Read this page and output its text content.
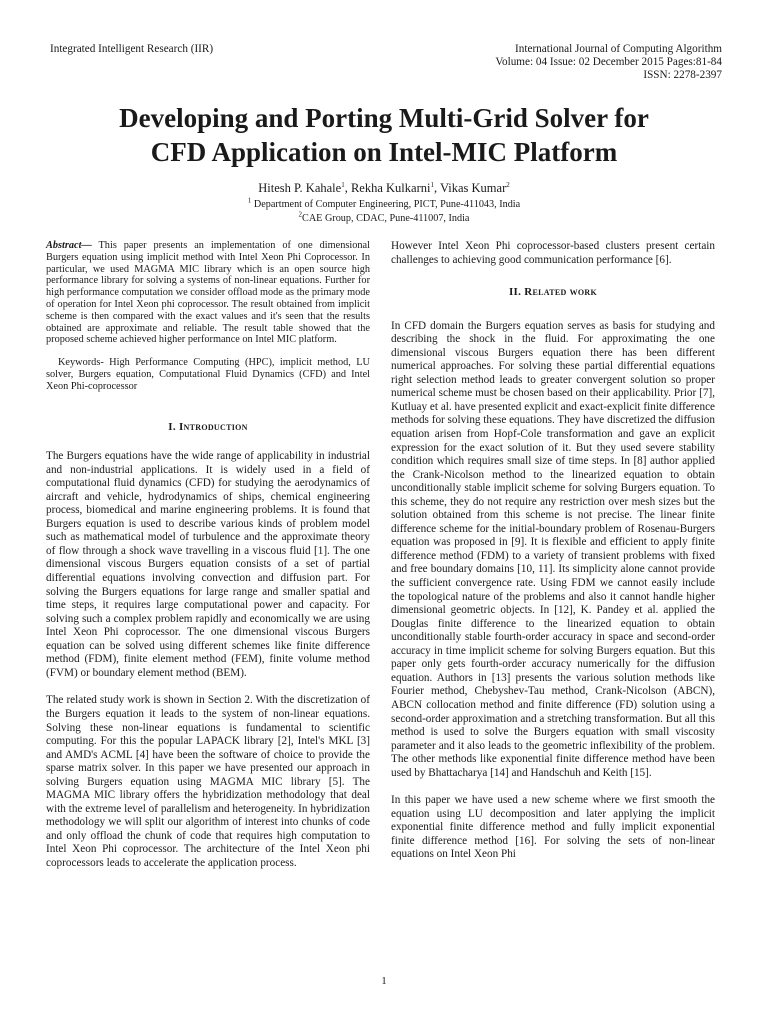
Integrated Intelligent Research (IIR)	International Journal of Computing Algorithm
Volume: 04 Issue: 02 December 2015 Pages:81-84
ISSN: 2278-2397
Developing and Porting Multi-Grid Solver for
CFD Application on Intel-MIC Platform
Hitesh P. Kahale$^1$, Rekha Kulkarni$^1$, Vikas Kumar$^2$
$^1$ Department of Computer Engineering, PICT, Pune-411043, India
$^2$CAE Group, CDAC, Pune-411007, India

Abstract— This paper presents an implementation of one dimensional Burgers equation using implicit method with Intel Xeon Phi Coprocessor. In particular, we used MAGMA MIC library which is an open source high performance library for solving a systems of non-linear equations. Further for high performance computation we consider offload mode as the primary mode of operation for Intel Xeon phi coprocessor. The result obtained from implicit scheme is then compared with the exact values and it's seen that the results obtained are approximate and reliable. The result table showed that the proposed scheme achieved higher performance on Intel MIC platform.

Keywords- High Performance Computing (HPC), implicit method, LU solver, Burgers equation, Computational Fluid Dynamics (CFD) and Intel Xeon Phi-coprocessor

I. Introduction

The Burgers equations have the wide range of applicability in industrial and non-industrial applications. It is widely used in a field of computational fluid dynamics (CFD) for studying the aerodynamics of aircraft and vehicle, hydrodynamics of ships, chemical engineering process, biomedical and marine engineering problems. It is found that Burgers equation is used to describe various kinds of problem model such as mathematical model of turbulence and the approximate theory of flow through a shock wave travelling in a viscous fluid [1]. The one dimensional viscous Burgers equation consists of a set of partial differential equations involving convection and diffusion part. For solving the Burgers equations for large range and smaller spatial and time steps, it requires large computational power and capacity. For solving such a complex problem rapidly and economically we are using Intel Xeon Phi coprocessor. The one dimensional viscous Burgers equation can be solved using different schemes like finite difference method (FDM), finite element method (FEM), finite volume method (FVM) or boundary element method (BEM).

The related study work is shown in Section 2. With the discretization of the Burgers equation it leads to the system of non-linear equations. Solving these non-linear equations is fundamental to scientific computing. For this the popular LAPACK library [2], Intel's MKL [3] and AMD's ACML [4] have been the software of choice to provide the sparse matrix solver. In this paper we have presented our approach in solving Burgers equation using MAGMA MIC library [5]. The MAGMA MIC library offers the hybridization methodology that deal with the extreme level of parallelism and heterogeneity. In hybridization methodology we will split our algorithm of interest into chunks of code and only offload the chunk of code that requires high computation to Intel Xeon Phi coprocessor. The architecture of the Intel Xeon phi coprocessors leads to accelerate the application process.

However Intel Xeon Phi coprocessor-based clusters present certain challenges to achieving good communication performance [6].

II. Related work

In CFD domain the Burgers equation serves as basis for studying and describing the shock in the fluid. For approximating the one dimensional viscous Burgers equation there has been different numerical approaches. For solving these partial differential equations right selection method leads to greater convergent solution so proper numerical scheme must be chosen based on their applicability. Prior [7], Kutluay et al. have presented explicit and exact-explicit finite difference methods for solving these equations. They have discretized the diffusion equation arisen from Hopf-Cole transformation and gave an explicit expression for the exact solution of it. But they used severe stability condition which requires small size of time steps. In [8] author applied the Crank-Nicolson method to the linearized equation to obtain unconditionally stable implicit scheme for solving Burgers equation. To this scheme, they do not require any restriction over mesh sizes but the solution obtained from this scheme is not precise. The linear finite difference scheme for the initial-boundary problem of Rosenau-Burgers equation was proposed in [9]. It is flexible and efficient to apply finite difference method (FDM) to a variety of transient problems with fixed and free boundary domains [10, 11]. Its simplicity alone cannot provide the sufficient convergence rate. Using FDM we cannot easily include the topological nature of the problems and also it cannot handle higher dimensional geometric objects. In [12], K. Pandey et al. applied the Douglas finite difference to the linearized equation to obtain unconditionally stable fourth-order accuracy in space and second-order accuracy in time implicit scheme for solving Burgers equation. But this paper only gets fourth-order accuracy numerically for the diffusion equation. Authors in [13] presents the various solution methods like Fourier method, Chebyshev-Tau method, Crank-Nicolson (ABCN), ABCN collocation method and finite difference (FD) solution using a second-order approximation and a stretching transformation. But all this method is used to solve the Burgers equation with small viscosity parameter and it also leads to the geometric inflexibility of the problem. The other methods like exponential finite difference method have been used by Bhattacharya [14] and Handschuh and Keith [15].

In this paper we have used a new scheme where we first smooth the equation using LU decomposition and later applying the implicit exponential finite difference method and fully implicit exponential finite difference method [16]. For solving the sets of non-linear equations on Intel Xeon Phi

1
